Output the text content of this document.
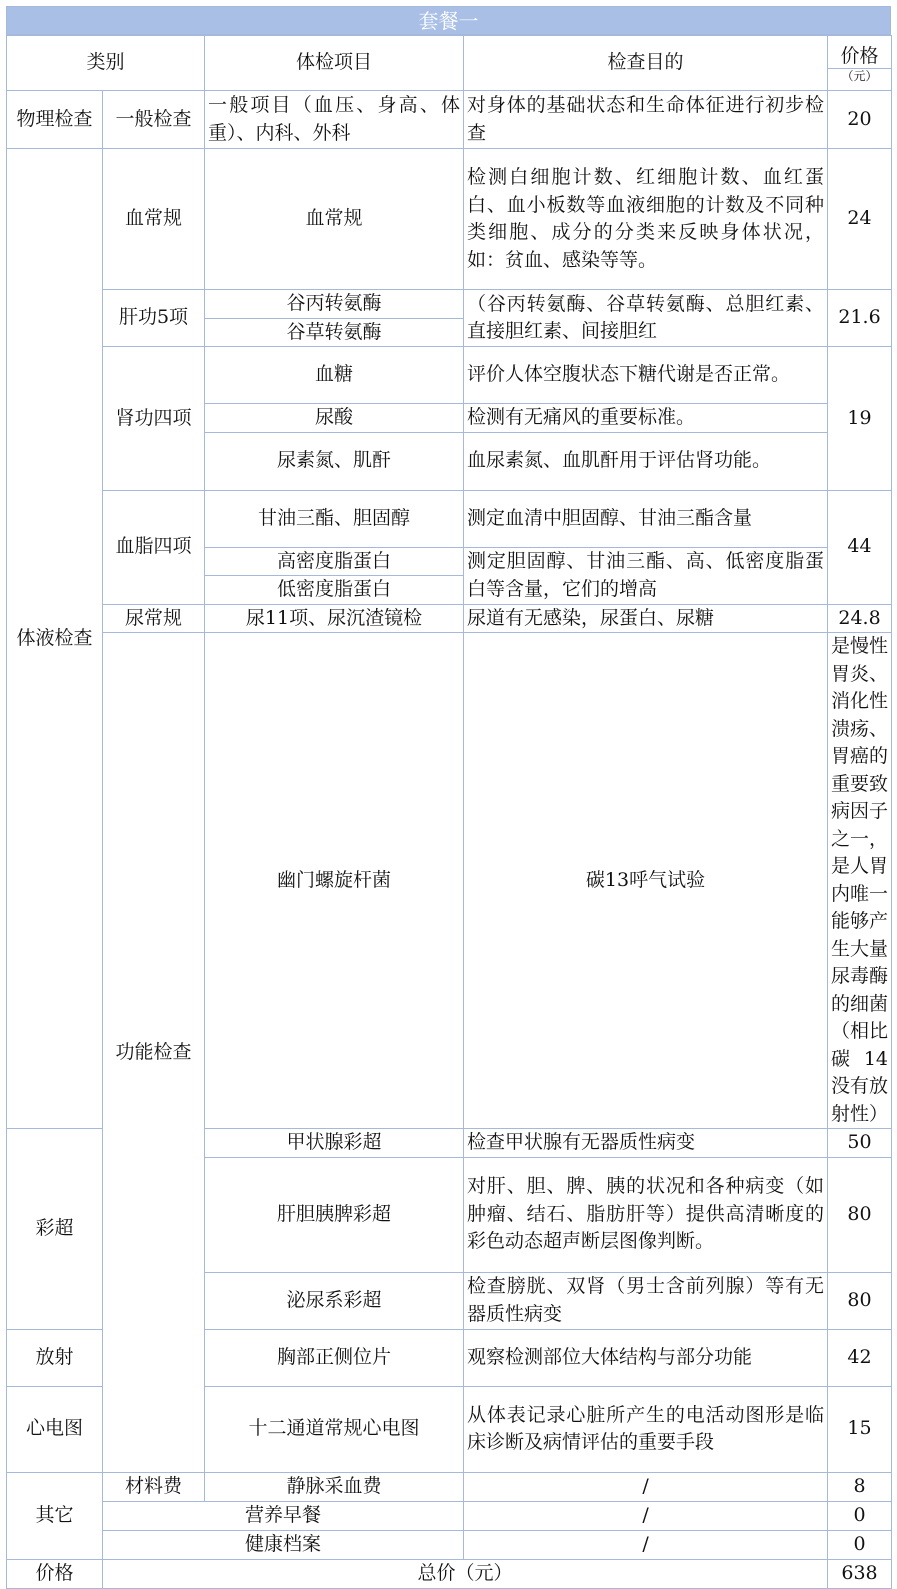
套餐一
类别		体检项目	检查目的	价格
（元）	

物理检查	一般检查	一般项目（血压、身高、体重）、内科、外科	对身体的基础状态和生命体征进行初步检查	20	
体液检查	血常规	血常规	检测白细胞计数、红细胞计数、血红蛋白、血小板数等血液细胞的计数及不同种类细胞、成分的分类来反映身体状况，如：贫血、感染等等。	24	
	肝功5项	谷丙转氨酶	（谷丙转氨酶、谷草转氨酶、总胆红素、直接胆红素、间接胆红	21.6	
		谷草转氨酶			
	肾功四项	血糖	评价人体空腹状态下糖代谢是否正常。	19	
		尿酸	检测有无痛风的重要标准。		
		尿素氮、肌酐	血尿素氮、血肌酐用于评估肾功能。		
	血脂四项	甘油三酯、胆固醇	测定血清中胆固醇、甘油三酯含量	44	
		高密度脂蛋白	测定胆固醇、甘油三酯、高、低密度脂蛋白等含量，它们的增高		
		低密度脂蛋白			
	尿常规	尿11项、尿沉渣镜检	尿道有无感染，尿蛋白、尿糖	24.8	

	功能检查	幽门螺旋杆菌	碳13呼气试验	是慢性胃炎、消化性溃疡、胃癌的重要致病因子之一，是人胃内唯一能够产生大量尿毒酶的细菌（相比碳14没有放射性）	
彩超		甲状腺彩超	检查甲状腺有无器质性病变	50	
		肝胆胰脾彩超	对肝、胆、脾、胰的状况和各种病变（如肿瘤、结石、脂肪肝等）提供高清晰度的彩色动态超声断层图像判断。	80	
		泌尿系彩超	检查膀胱、双肾（男士含前列腺）等有无器质性病变	80	
放射		胸部正侧位片	观察检测部位大体结构与部分功能	42	
心电图		十二通道常规心电图	从体表记录心脏所产生的电活动图形是临床诊断及病情评估的重要手段	15	

其它	材料费	静脉采血费	/	8	
	营养早餐		/	0	
	健康档案		/	0	
价格	总价（元）			638	
